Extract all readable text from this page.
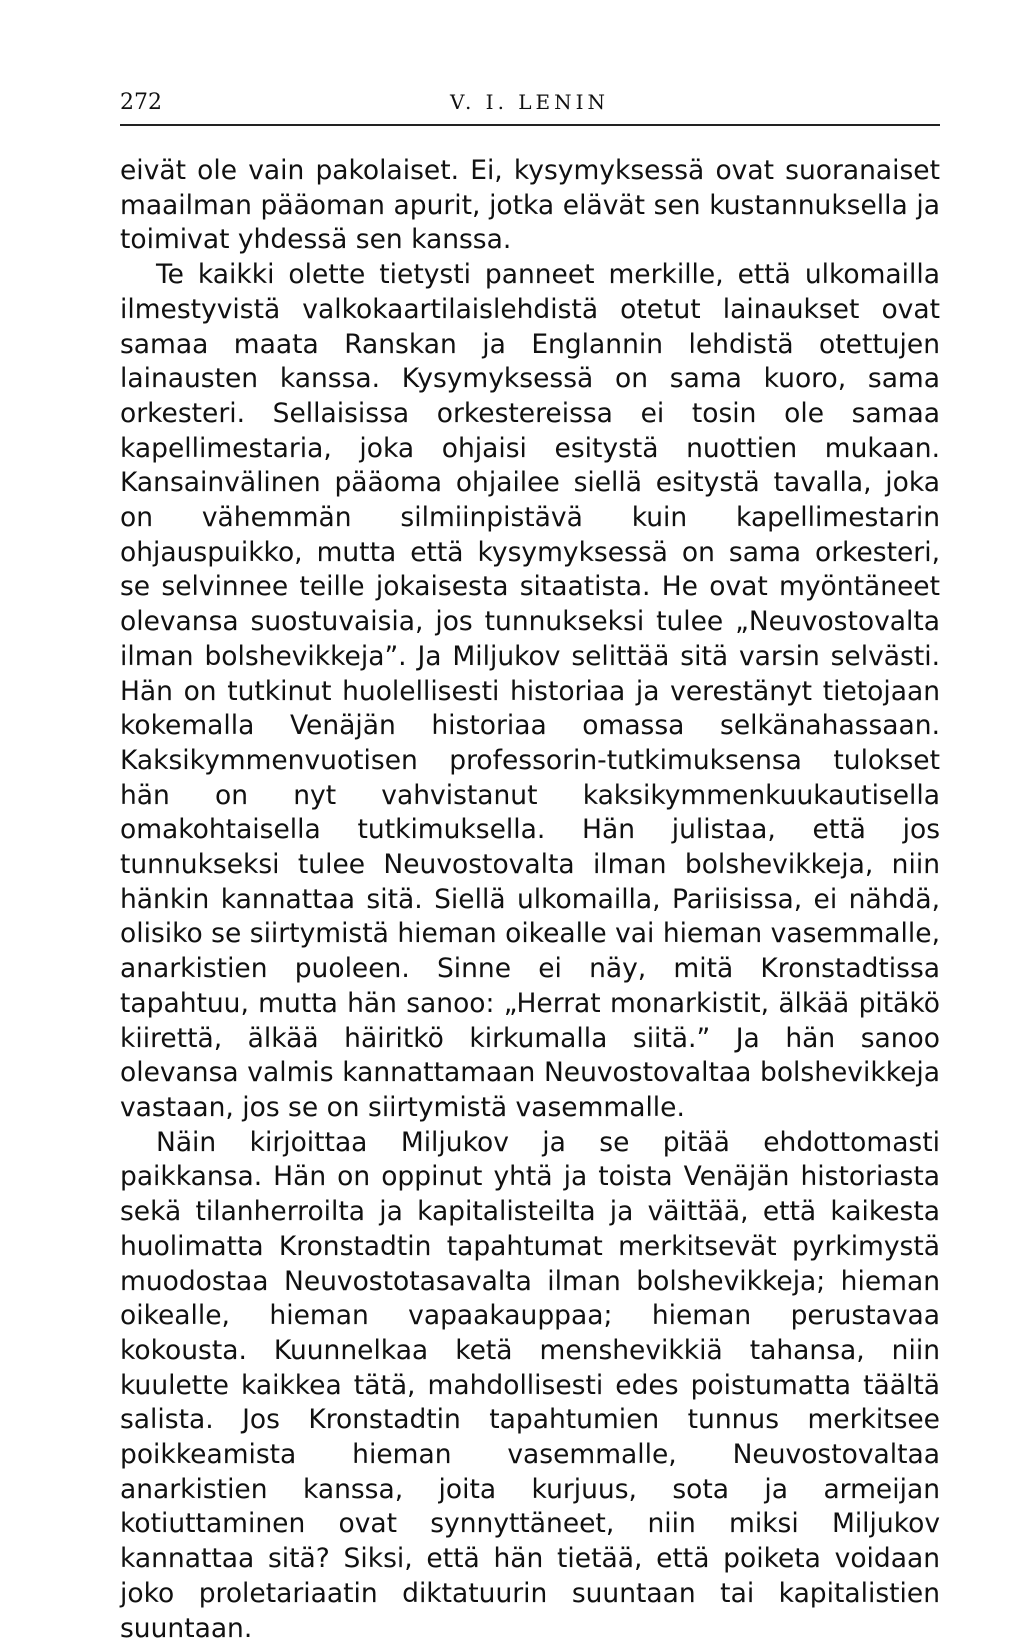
272	V. I. LENIN

eivät ole vain pakolaiset. Ei, kysymyksessä ovat suoranaiset maailman pääoman apurit, jotka elävät sen kustannuksella ja toimivat yhdessä sen kanssa.

Te kaikki olette tietysti panneet merkille, että ulkomailla ilmestyvistä valkokaartilaislehdistä otetut lainaukset ovat samaa maata Ranskan ja Englannin lehdistä otettujen lainausten kanssa. Kysymyksessä on sama kuoro, sama orkesteri. Sellaisissa orkestereissa ei tosin ole samaa kapellimestaria, joka ohjaisi esitystä nuottien mukaan. Kansainvälinen pääoma ohjailee siellä esitystä tavalla, joka on vähemmän silmiinpistävä kuin kapellimestarin ohjauspuikko, mutta että kysymyksessä on sama orkesteri, se selvinnee teille jokaisesta sitaatista. He ovat myöntäneet olevansa suostuvaisia, jos tunnukseksi tulee „Neuvostovalta ilman bolshevikkeja”. Ja Miljukov selittää sitä varsin selvästi. Hän on tutkinut huolellisesti historiaa ja verestänyt tietojaan kokemalla Venäjän historiaa omassa selkänahassaan. Kaksikymmenvuotisen professorin-tutkimuksensa tulokset hän on nyt vahvistanut kaksikymmenkuukautisella omakohtaisella tutkimuksella. Hän julistaa, että jos tunnukseksi tulee Neuvostovalta ilman bolshevikkeja, niin hänkin kannattaa sitä. Siellä ulkomailla, Pariisissa, ei nähdä, olisiko se siirtymistä hieman oikealle vai hieman vasemmalle, anarkistien puoleen. Sinne ei näy, mitä Kronstadtissa tapahtuu, mutta hän sanoo: „Herrat monarkistit, älkää pitäkö kiirettä, älkää häiritkö kirkumalla siitä.” Ja hän sanoo olevansa valmis kannattamaan Neuvostovaltaa bolshevikkeja vastaan, jos se on siirtymistä vasemmalle.

Näin kirjoittaa Miljukov ja se pitää ehdottomasti paikkansa. Hän on oppinut yhtä ja toista Venäjän historiasta sekä tilanherroilta ja kapitalisteilta ja väittää, että kaikesta huolimatta Kronstadtin tapahtumat merkitsevät pyrkimystä muodostaa Neuvostotasavalta ilman bolshevikkeja; hieman oikealle, hieman vapaakauppaa; hieman perustavaa kokousta. Kuunnelkaa ketä menshevikkiä tahansa, niin kuulette kaikkea tätä, mahdollisesti edes poistumatta täältä salista. Jos Kronstadtin tapahtumien tunnus merkitsee poikkeamista hieman vasemmalle, Neuvostovaltaa anarkistien kanssa, joita kurjuus, sota ja armeijan kotiuttaminen ovat synnyttäneet, niin miksi Miljukov kannattaa sitä? Siksi, että hän tietää, että poiketa voidaan joko proletariaatin diktatuurin suuntaan tai kapitalistien suuntaan.
